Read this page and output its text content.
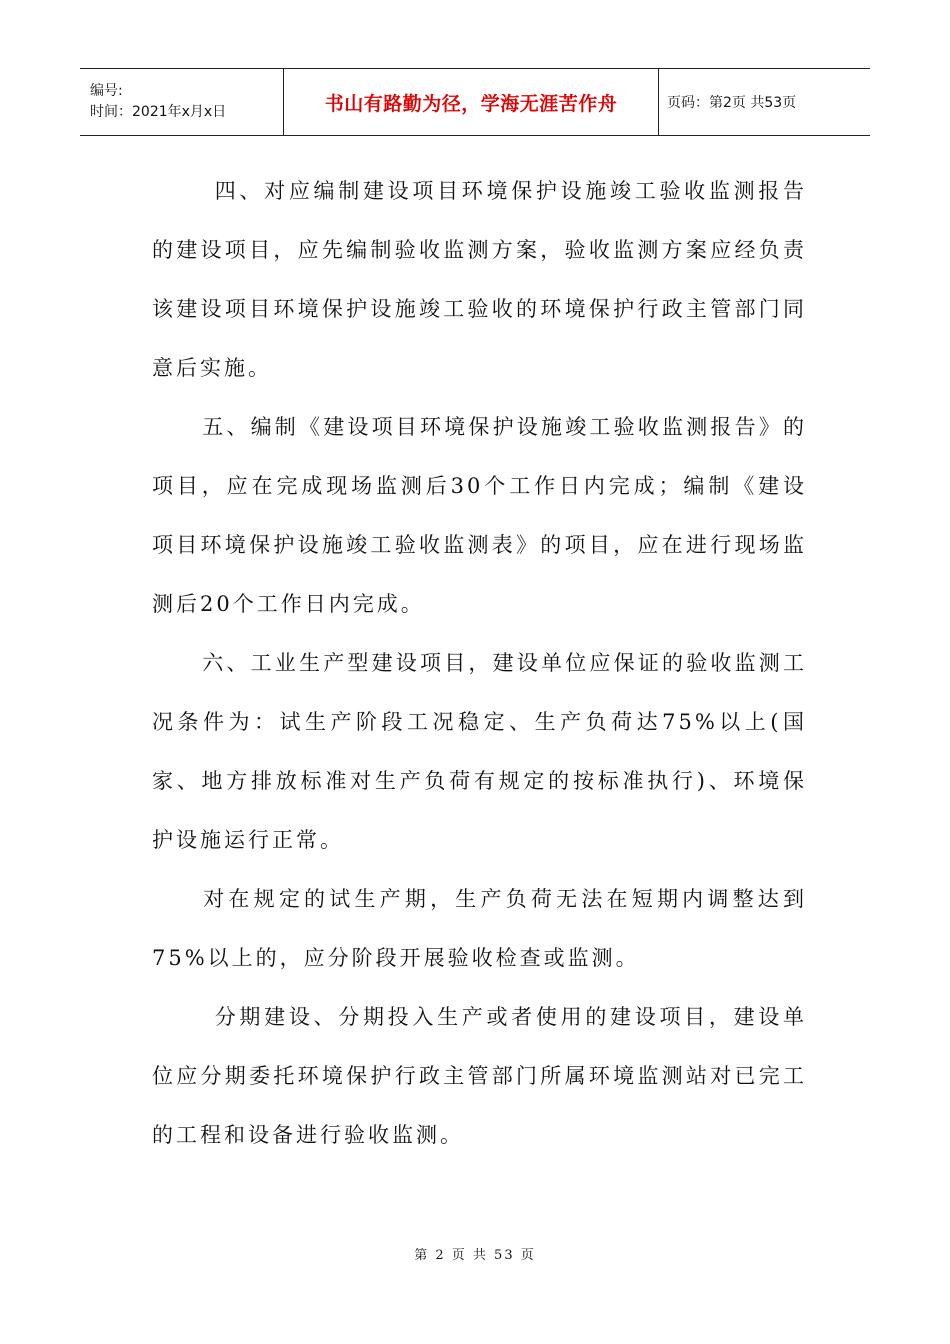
编号:
时间：2021年x月x日	书山有路勤为径，学海无涯苦作舟	页码：第2页 共53页

四、对应编制建设项目环境保护设施竣工验收监测报告的建设项目，应先编制验收监测方案，验收监测方案应经负责该建设项目环境保护设施竣工验收的环境保护行政主管部门同意后实施。

五、编制《建设项目环境保护设施竣工验收监测报告》的项目，应在完成现场监测后30个工作日内完成；编制《建设项目环境保护设施竣工验收监测表》的项目，应在进行现场监测后20个工作日内完成。

六、工业生产型建设项目，建设单位应保证的验收监测工况条件为：试生产阶段工况稳定、生产负荷达75%以上(国家、地方排放标准对生产负荷有规定的按标准执行)、环境保护设施运行正常。

对在规定的试生产期，生产负荷无法在短期内调整达到75%以上的，应分阶段开展验收检查或监测。

分期建设、分期投入生产或者使用的建设项目，建设单位应分期委托环境保护行政主管部门所属环境监测站对已完工的工程和设备进行验收监测。

第 2 页 共 53 页
